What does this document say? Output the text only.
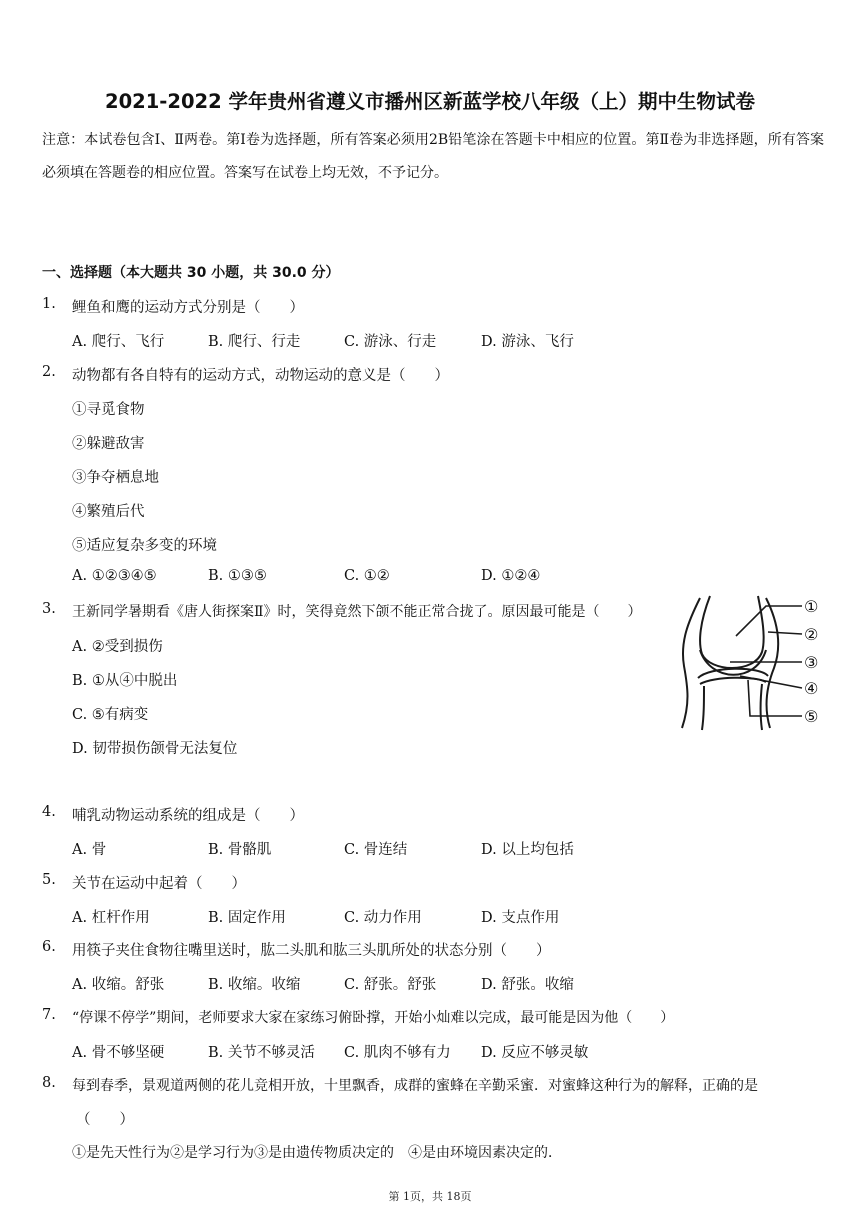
2021-2022 学年贵州省遵义市播州区新蓝学校八年级（上）期中生物试卷
注意：本试卷包含Ⅰ、Ⅱ两卷。第Ⅰ卷为选择题，所有答案必须用2B铅笔涂在答题卡中相应的位置。第Ⅱ卷为非选择题，所有答案必须填在答题卷的相应位置。答案写在试卷上均无效，不予记分。
一、选择题（本大题共 30 小题，共 30.0 分）
1. 鲤鱼和鹰的运动方式分别是（　　）
A. 爬行、飞行	B. 爬行、行走	C. 游泳、行走	D. 游泳、飞行
2. 动物都有各自特有的运动方式，动物运动的意义是（　　）
①寻觅食物
②躲避敌害
③争夺栖息地
④繁殖后代
⑤适应复杂多变的环境
A. ①②③④⑤	B. ①③⑤	C. ①②	D. ①②④
3. 王新同学暑期看《唐人街探案Ⅱ》时，笑得竟然下颌不能正常合拢了。原因最可能是（　　）
A. ②受到损伤
B. ①从④中脱出
C. ⑤有病变
D. 韧带损伤颌骨无法复位
①
②
③
④
⑤
4. 哺乳动物运动系统的组成是（　　）
A. 骨	B. 骨骼肌	C. 骨连结	D. 以上均包括
5. 关节在运动中起着（　　）
A. 杠杆作用	B. 固定作用	C. 动力作用	D. 支点作用
6. 用筷子夹住食物往嘴里送时，肱二头肌和肱三头肌所处的状态分别（　　）
A. 收缩。舒张	B. 收缩。收缩	C. 舒张。舒张	D. 舒张。收缩
7. “停课不停学”期间，老师要求大家在家练习俯卧撑，开始小灿难以完成，最可能是因为他（　　）
A. 骨不够坚硬	B. 关节不够灵活 C. 肌肉不够有力 D. 反应不够灵敏
8. 每到春季，景观道两侧的花儿竞相开放，十里飘香，成群的蜜蜂在辛勤采蜜．对蜜蜂这种行为的解释，正确的是
（　　）
①是先天性行为②是学习行为③是由遗传物质决定的　④是由环境因素决定的．
第 1页，共 18页
